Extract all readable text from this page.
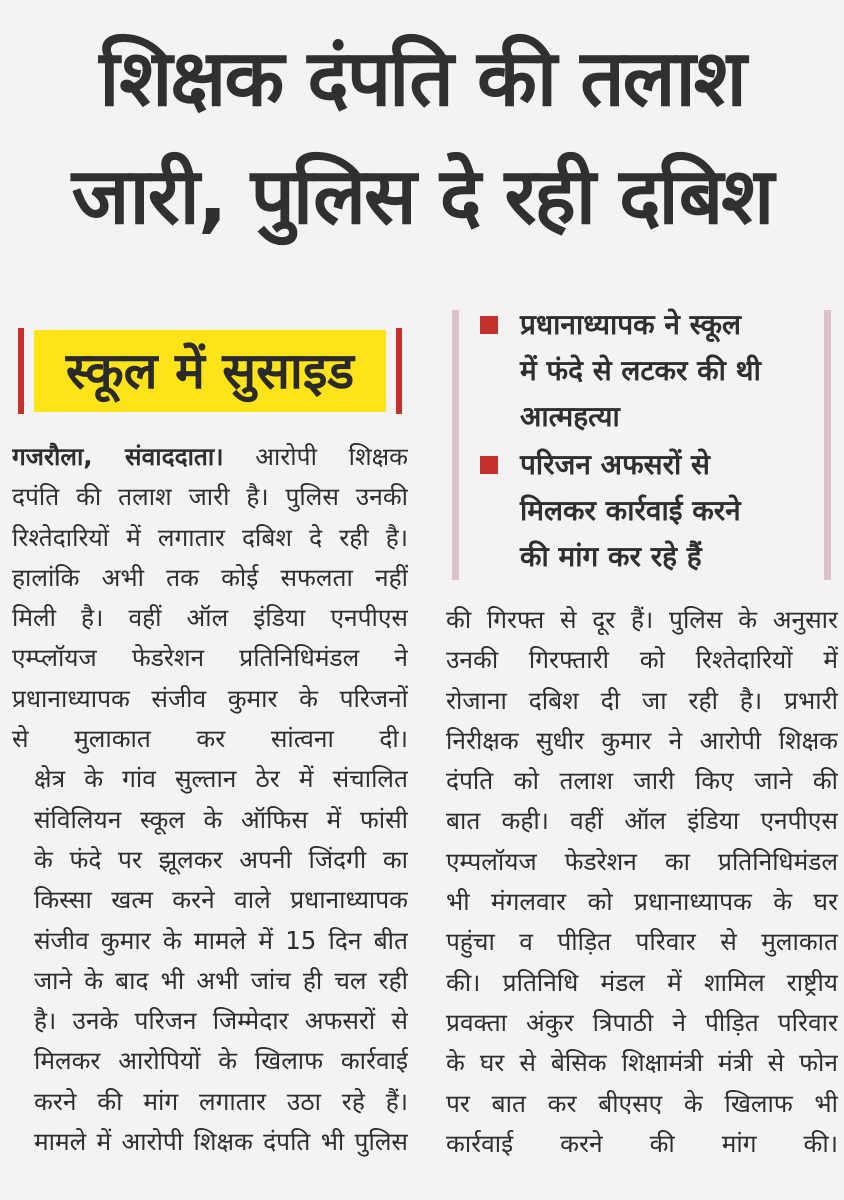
शिक्षक दंपति की तलाश
जारी, पुलिस दे रही दबिश
स्कूल में सुसाइड
प्रधानाध्यापक ने स्कूल
में फंदे से लटकर की थी
आत्महत्या
परिजन अफसरों से
मिलकर कार्रवाई करने
की मांग कर रहे हैं

गजरौला, संवाददाता। आरोपी शिक्षक
दपंति की तलाश जारी है। पुलिस उनकी
रिश्तेदारियों में लगातार दबिश दे रही है।
हालांकि अभी तक कोई सफलता नहीं
मिली है। वहीं ऑल इंडिया एनपीएस
एम्प्लॉयज फेडरेशन प्रतिनिधिमंडल ने
प्रधानाध्यापक संजीव कुमार के परिजनों
से मुलाकात कर सांत्वना दी।

क्षेत्र के गांव सुल्तान ठेर में संचालित
संविलियन स्कूल के ऑफिस में फांसी
के फंदे पर झूलकर अपनी जिंदगी का
किस्सा खत्म करने वाले प्रधानाध्यापक
संजीव कुमार के मामले में 15 दिन बीत
जाने के बाद भी अभी जांच ही चल रही
है। उनके परिजन जिम्मेदार अफसरों से
मिलकर आरोपियों के खिलाफ कार्रवाई
करने की मांग लगातार उठा रहे हैं।
मामले में आरोपी शिक्षक दंपति भी पुलिस

की गिरफ्त से दूर हैं। पुलिस के अनुसार
उनकी गिरफ्तारी को रिश्तेदारियों में
रोजाना दबिश दी जा रही है। प्रभारी
निरीक्षक सुधीर कुमार ने आरोपी शिक्षक
दंपति को तलाश जारी किए जाने की
बात कही। वहीं ऑल इंडिया एनपीएस
एम्पलॉयज फेडरेशन का प्रतिनिधिमंडल
भी मंगलवार को प्रधानाध्यापक के घर
पहुंचा व पीड़ित परिवार से मुलाकात
की। प्रतिनिधि मंडल में शामिल राष्ट्रीय
प्रवक्ता अंकुर त्रिपाठी ने पीड़ित परिवार
के घर से बेसिक शिक्षामंत्री मंत्री से फोन
पर बात कर बीएसए के खिलाफ भी
कार्रवाई करने की मांग की।
